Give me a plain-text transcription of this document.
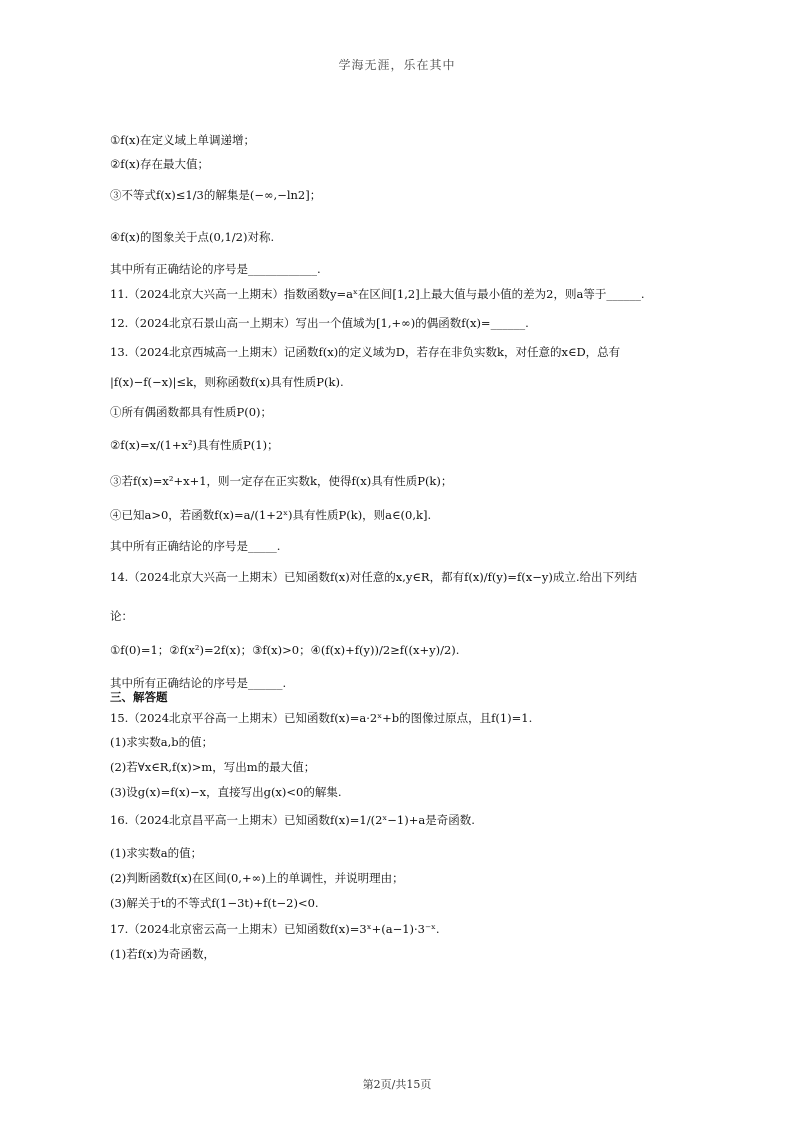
学海无涯，乐在其中
①f(x)在定义域上单调递增；
②f(x)存在最大值；
③不等式f(x)≤1/3的解集是(−∞,−ln2]；
④f(x)的图象关于点(0,1/2)对称.
其中所有正确结论的序号是____________.
11.（2024北京大兴高一上期末）指数函数y=aˣ在区间[1,2]上最大值与最小值的差为2，则a等于______.
12.（2024北京石景山高一上期末）写出一个值域为[1,+∞)的偶函数f(x)=______.
13.（2024北京西城高一上期末）记函数f(x)的定义域为D，若存在非负实数k，对任意的x∈D，总有
|f(x)−f(−x)|≤k，则称函数f(x)具有性质P(k).
①所有偶函数都具有性质P(0)；
②f(x)=x/(1+x²)具有性质P(1)；
③若f(x)=x²+x+1，则一定存在正实数k，使得f(x)具有性质P(k)；
④已知a>0，若函数f(x)=a/(1+2ˣ)具有性质P(k)，则a∈(0,k].
其中所有正确结论的序号是_____.
14.（2024北京大兴高一上期末）已知函数f(x)对任意的x,y∈R，都有f(x)/f(y)=f(x−y)成立.给出下列结
论：
①f(0)=1；②f(x²)=2f(x)；③f(x)>0；④(f(x)+f(y))/2≥f((x+y)/2).
其中所有正确结论的序号是______.
三、解答题
15.（2024北京平谷高一上期末）已知函数f(x)=a·2ˣ+b的图像过原点，且f(1)=1.
(1)求实数a,b的值；
(2)若∀x∈R,f(x)>m，写出m的最大值；
(3)设g(x)=f(x)−x，直接写出g(x)<0的解集.
16.（2024北京昌平高一上期末）已知函数f(x)=1/(2ˣ−1)+a是奇函数.
(1)求实数a的值；
(2)判断函数f(x)在区间(0,+∞)上的单调性，并说明理由；
(3)解关于t的不等式f(1−3t)+f(t−2)<0.
17.（2024北京密云高一上期末）已知函数f(x)=3ˣ+(a−1)·3⁻ˣ.
(1)若f(x)为奇函数，
第2页/共15页
